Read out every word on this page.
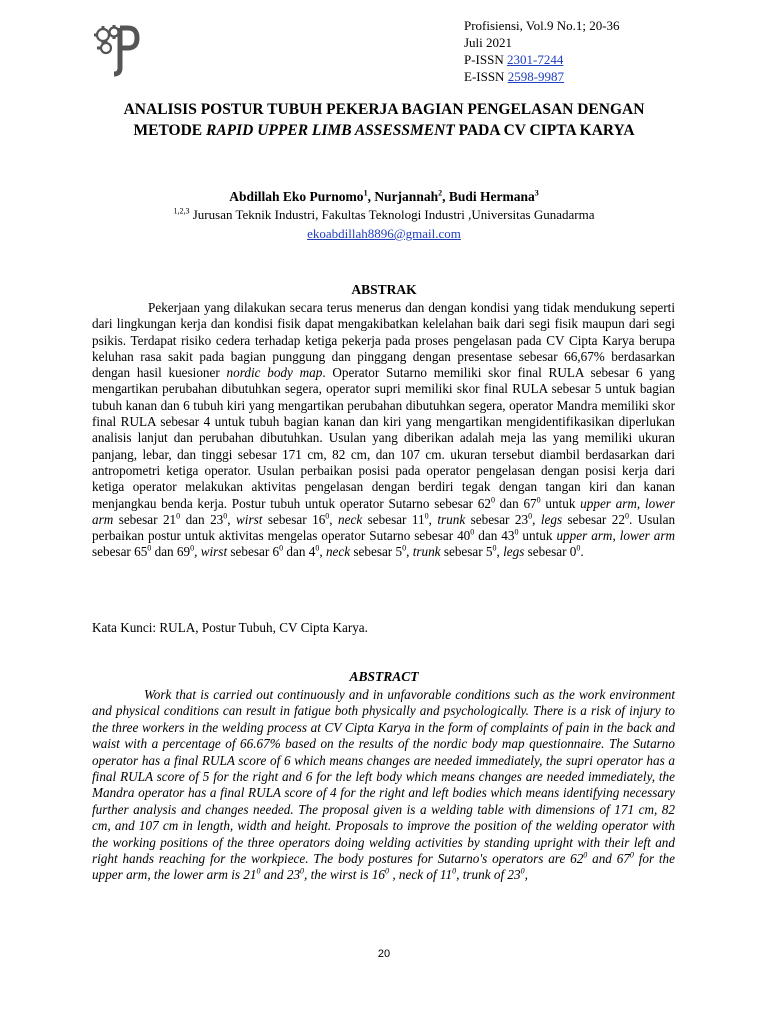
Profisiensi, Vol.9 No.1; 20-36
Juli 2021
P-ISSN 2301-7244
E-ISSN 2598-9987
ANALISIS POSTUR TUBUH PEKERJA BAGIAN PENGELASAN DENGAN METODE RAPID UPPER LIMB ASSESSMENT PADA CV CIPTA KARYA
Abdillah Eko Purnomo$^1$, Nurjannah$^2$, Budi Hermana$^3$
$^{1,2,3}$ Jurusan Teknik Industri, Fakultas Teknologi Industri ,Universitas Gunadarma
ekoabdillah8896@gmail.com
ABSTRAK

Pekerjaan yang dilakukan secara terus menerus dan dengan kondisi yang tidak mendukung seperti dari lingkungan kerja dan kondisi fisik dapat mengakibatkan kelelahan baik dari segi fisik maupun dari segi psikis. Terdapat risiko cedera terhadap ketiga pekerja pada proses pengelasan pada CV Cipta Karya berupa keluhan rasa sakit pada bagian punggung dan pinggang dengan presentase sebesar 66,67% berdasarkan dengan hasil kuesioner nordic body map. Operator Sutarno memiliki skor final RULA sebesar 6 yang mengartikan perubahan dibutuhkan segera, operator supri memiliki skor final RULA sebesar 5 untuk bagian tubuh kanan dan 6 tubuh kiri yang mengartikan perubahan dibutuhkan segera, operator Mandra memiliki skor final RULA sebesar 4 untuk tubuh bagian kanan dan kiri yang mengartikan mengidentifikasikan diperlukan analisis lanjut dan perubahan dibutuhkan. Usulan yang diberikan adalah meja las yang memiliki ukuran panjang, lebar, dan tinggi sebesar 171 cm, 82 cm, dan 107 cm. ukuran tersebut diambil berdasarkan dari antropometri ketiga operator. Usulan perbaikan posisi pada operator pengelasan dengan posisi kerja dari ketiga operator melakukan aktivitas pengelasan dengan berdiri tegak dengan tangan kiri dan kanan menjangkau benda kerja. Postur tubuh untuk operator Sutarno sebesar $62^0$ dan $67^0$ untuk upper arm, lower arm sebesar $21^0$ dan $23^0$, wirst sebesar $16^0$, neck sebesar $11^0$, trunk sebesar $23^0$, legs sebesar $22^0$. Usulan perbaikan postur untuk aktivitas mengelas operator Sutarno sebesar $40^0$ dan $43^0$ untuk upper arm, lower arm sebesar $65^0$ dan $69^0$, wirst sebesar $6^0$ dan $4^0$, neck sebesar $5^0$, trunk sebesar $5^0$, legs sebesar $0^0$.

Kata Kunci: RULA, Postur Tubuh, CV Cipta Karya.
ABSTRACT

Work that is carried out continuously and in unfavorable conditions such as the work environment and physical conditions can result in fatigue both physically and psychologically. There is a risk of injury to the three workers in the welding process at CV Cipta Karya in the form of complaints of pain in the back and waist with a percentage of 66.67% based on the results of the nordic body map questionnaire. The Sutarno operator has a final RULA score of 6 which means changes are needed immediately, the supri operator has a final RULA score of 5 for the right and 6 for the left body which means changes are needed immediately, the Mandra operator has a final RULA score of 4 for the right and left bodies which means identifying necessary further analysis and changes needed. The proposal given is a welding table with dimensions of 171 cm, 82 cm, and 107 cm in length, width and height. Proposals to improve the position of the welding operator with the working positions of the three operators doing welding activities by standing upright with their left and right hands reaching for the workpiece. The body postures for Sutarno's operators are $62^0$ and $67^0$ for the upper arm, the lower arm is $21^0$ and $23^0$, the wirst is $16^0$ , neck of $11^0$, trunk of $23^0$,

20
